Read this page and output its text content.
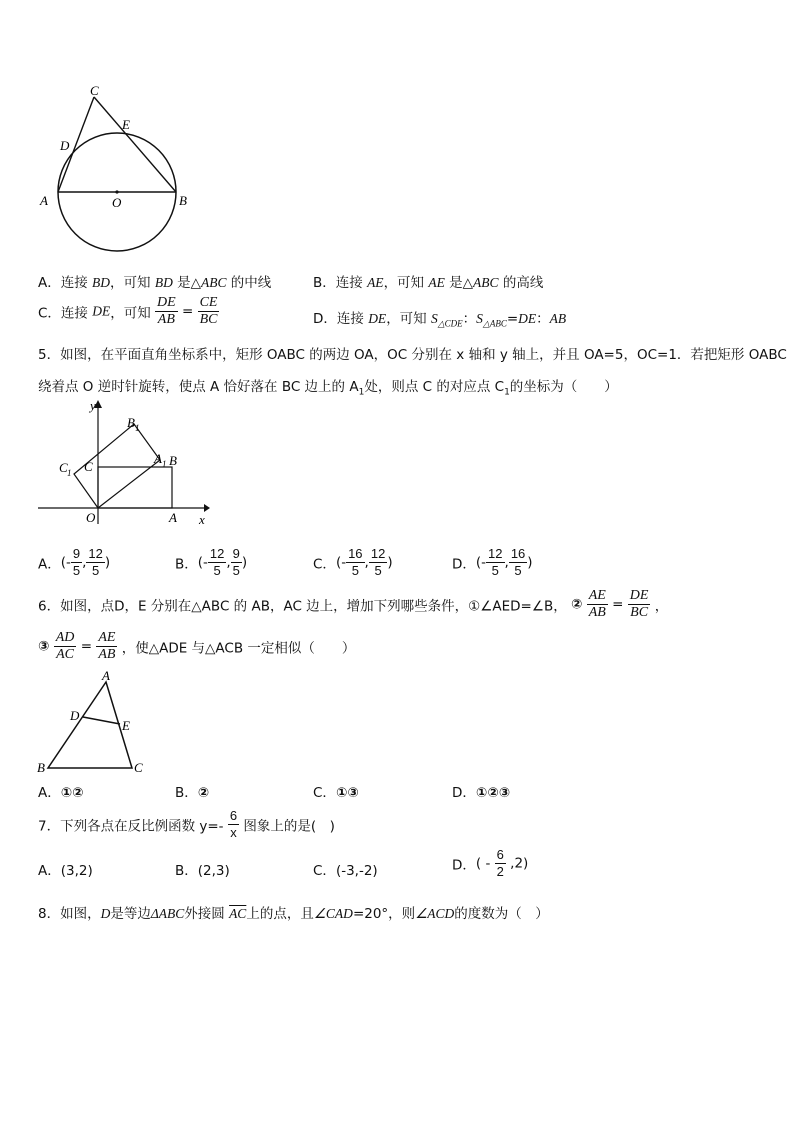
C
E
D
A	O	B
A．连接 BD，可知 BD 是△ABC 的中线	B．连接 AE，可知 AE 是△ABC 的高线
C．连接 DE，可知 $\frac{DE}{AB} = \frac{CE}{BC}$	D．连接 DE，可知 $S_{\triangle CDE}$：$S_{\triangle ABC}=DE$：AB
5．如图，在平面直角坐标系中，矩形 OABC 的两边 OA，OC 分别在 x 轴和 y 轴上，并且 OA=5，OC=1．若把矩形 OABC
绕着点 O 逆时针旋转，使点 A 恰好落在 BC 边上的 $A_1$处，则点 C 的对应点 $C_1$的坐标为（　　）
y
B 1
A 1 B
C 1 C
O	A x
A．(- $\frac{9}{5}$ , $\frac{12}{5}$ )	B．(- $\frac{12}{5}$ , $\frac{9}{5}$ )	C．(- $\frac{16}{5}$ , $\frac{12}{5}$ )	D．(- $\frac{12}{5}$ , $\frac{16}{5}$ )
6．如图，点D，E 分别在△ABC 的 AB，AC 边上，增加下列哪些条件，①∠AED=∠B， ② $\frac{AE}{AB} = \frac{DE}{BC}$ ，
③ $\frac{AD}{AC} = \frac{AE}{AB}$ ，使△ADE 与△ACB 一定相似（　　）
A
D
E
B	C
A．①②	B．②	C．①③	D．①②③
7．下列各点在反比例函数 $y=- \frac{6}{x}$ 图象上的是(　)
A．(3,2)	B．(2,3)	C．(-3,-2)	D．( - $\frac{6}{2} ,2$)
8．如图，D是等边ΔABC外接圆 $\overline{AC}$上的点，且∠CAD=20°，则∠ACD的度数为（　）
